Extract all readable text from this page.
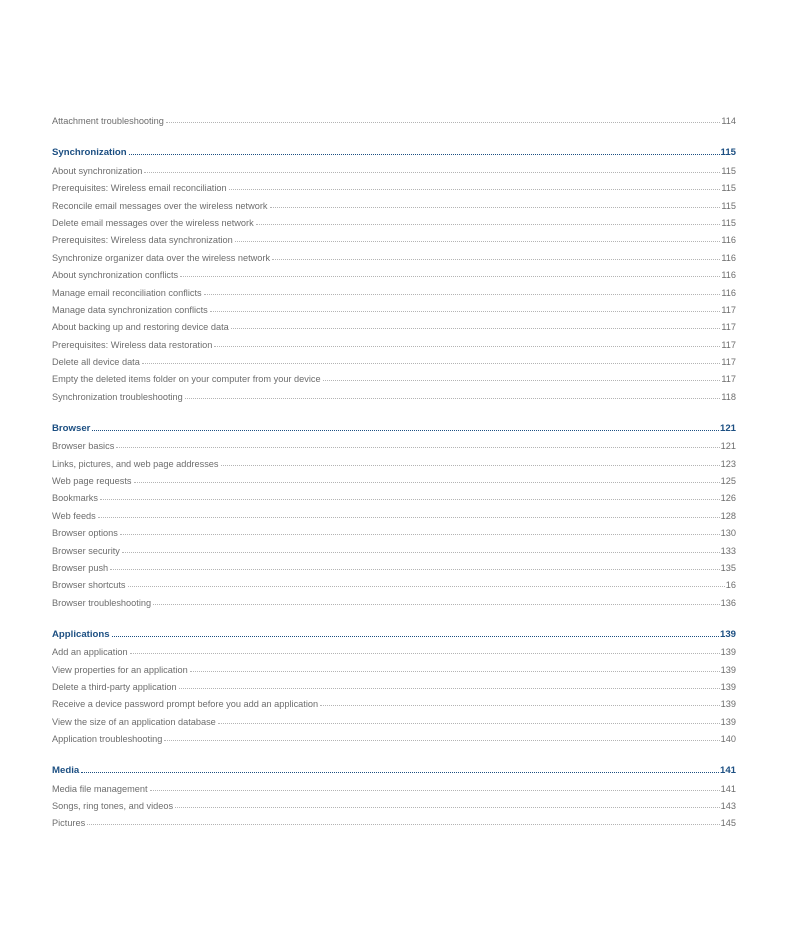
Attachment troubleshooting	114
Synchronization	115
About synchronization	115
Prerequisites: Wireless email reconciliation	115
Reconcile email messages over the wireless network	115
Delete email messages over the wireless network	115
Prerequisites: Wireless data synchronization	116
Synchronize organizer data over the wireless network	116
About synchronization conflicts	116
Manage email reconciliation conflicts	116
Manage data synchronization conflicts	117
About backing up and restoring device data	117
Prerequisites: Wireless data restoration	117
Delete all device data	117
Empty the deleted items folder on your computer from your device	117
Synchronization troubleshooting	118
Browser	121
Browser basics	121
Links, pictures, and web page addresses	123
Web page requests	125
Bookmarks	126
Web feeds	128
Browser options	130
Browser security	133
Browser push	135
Browser shortcuts	16
Browser troubleshooting	136
Applications	139
Add an application	139
View properties for an application	139
Delete a third-party application	139
Receive a device password prompt before you add an application	139
View the size of an application database	139
Application troubleshooting	140
Media	141
Media file management	141
Songs, ring tones, and videos	143
Pictures	145
